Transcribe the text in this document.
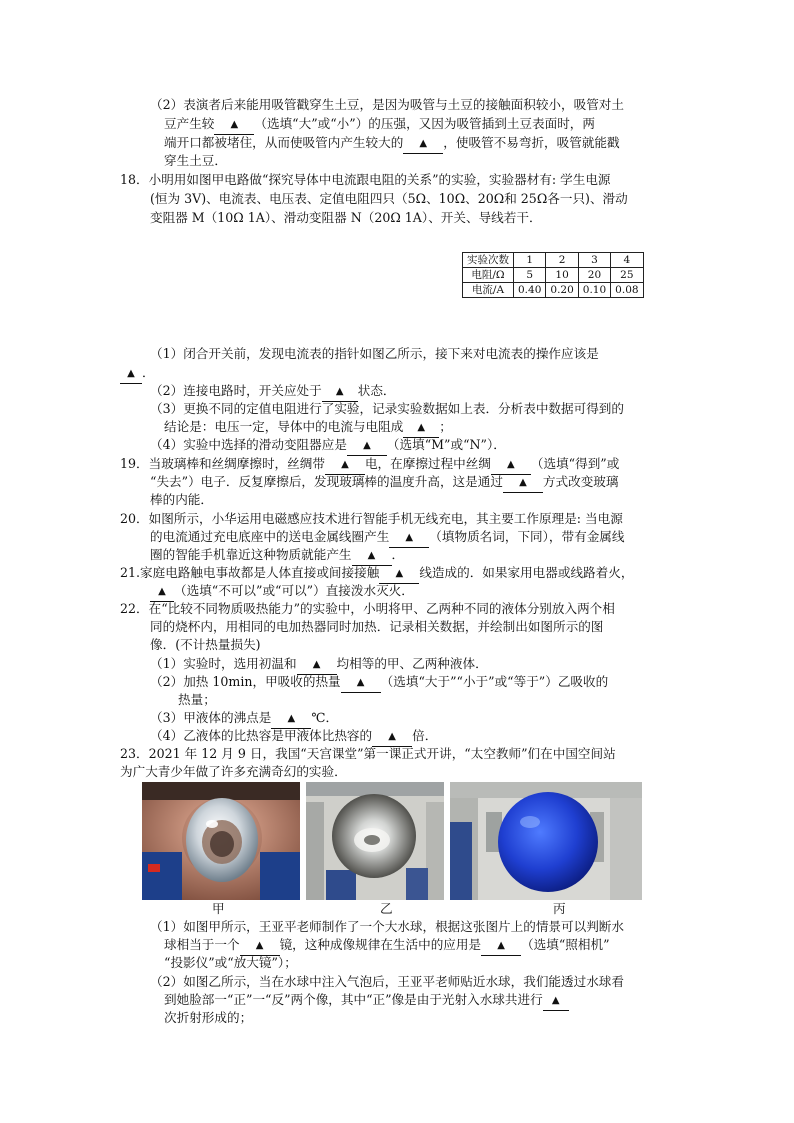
（2）表演者后来能用吸管戳穿生土豆，是因为吸管与土豆的接触面积较小，吸管对土
豆产生较 ▲ （选填“大”或“小”）的压强，又因为吸管插到土豆表面时，两
端开口都被堵住，从而使吸管内产生较大的 ▲ ，使吸管不易弯折，吸管就能戳
穿生土豆．
18．小明用如图甲电路做“探究导体中电流跟电阻的关系”的实验，实验器材有: 学生电源
(恒为 3V)、电流表、电压表、定值电阻四只（5Ω、10Ω、20Ω和 25Ω各一只)、滑动
变阻器 M（10Ω 1A）、滑动变阻器 N（20Ω 1A）、开关、导线若干．
实验次数	1	2	3	4
电阻/Ω	5	10	20	25
电流/A	0.40	0.20	0.10	0.08
（1）闭合开关前，发现电流表的指针如图乙所示，接下来对电流表的操作应该是
▲ ．
（2）连接电路时，开关应处于 ▲ 状态．
（3）更换不同的定值电阻进行了实验，记录实验数据如上表．分析表中数据可得到的
结论是：电压一定，导体中的电流与电阻成 ▲ ；
（4）实验中选择的滑动变阻器应是 ▲ （选填“M”或“N”）．
19．当玻璃棒和丝绸摩擦时，丝绸带 ▲ 电，在摩擦过程中丝绸 ▲ （选填“得到”或
“失去”）电子．反复摩擦后，发现玻璃棒的温度升高，这是通过 ▲ 方式改变玻璃
棒的内能．
20．如图所示，小华运用电磁感应技术进行智能手机无线充电，其主要工作原理是: 当电源
的电流通过充电底座中的送电金属线圈产生 ▲ （填物质名词，下同），带有金属线
圈的智能手机靠近这种物质就能产生 ▲ ．
21.家庭电路触电事故都是人体直接或间接接触 ▲ 线造成的．如果家用电器或线路着火，
▲ （选填“不可以”或“可以”）直接泼水灭火．
22．在“比较不同物质吸热能力”的实验中，小明将甲、乙两种不同的液体分别放入两个相
同的烧杯内，用相同的电加热器同时加热．记录相关数据，并绘制出如图所示的图
像．(不计热量损失)
（1）实验时，选用初温和 ▲ 均相等的甲、乙两种液体．
（2）加热 10min，甲吸收的热量 ▲ （选填“大于”“小于”或“等于”）乙吸收的
热量；
（3）甲液体的沸点是 ▲ ℃．
（4）乙液体的比热容是甲液体比热容的 ▲ 倍．
23．2021 年 12 月 9 日，我国“天宫课堂”第一课正式开讲，“太空教师”们在中国空间站
为广大青少年做了许多充满奇幻的实验．
甲	乙	丙
（1）如图甲所示，王亚平老师制作了一个大水球，根据这张图片上的情景可以判断水
球相当于一个 ▲ 镜，这种成像规律在生活中的应用是 ▲ （选填“照相机”
“投影仪”或“放大镜”）；
（2）如图乙所示，当在水球中注入气泡后，王亚平老师贴近水球，我们能透过水球看
到她脸部一“正”一“反”两个像，其中“正”像是由于光射入水球共进行 ▲
次折射形成的；
